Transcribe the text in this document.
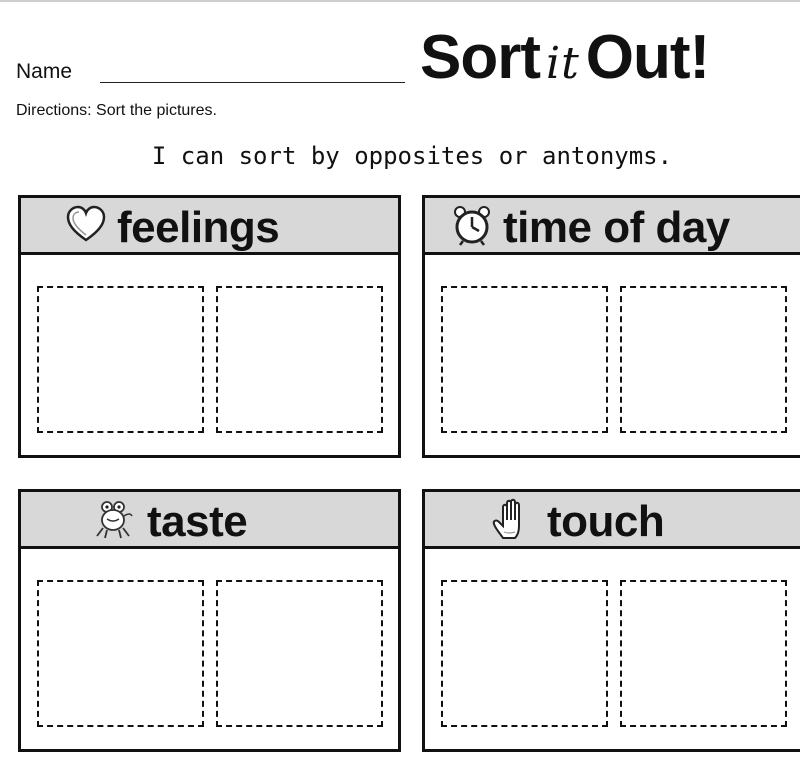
Name	Sort itOut!
Directions: Sort the pictures.
I can sort by opposites or antonyms.
feelings	time of day
taste	touch
